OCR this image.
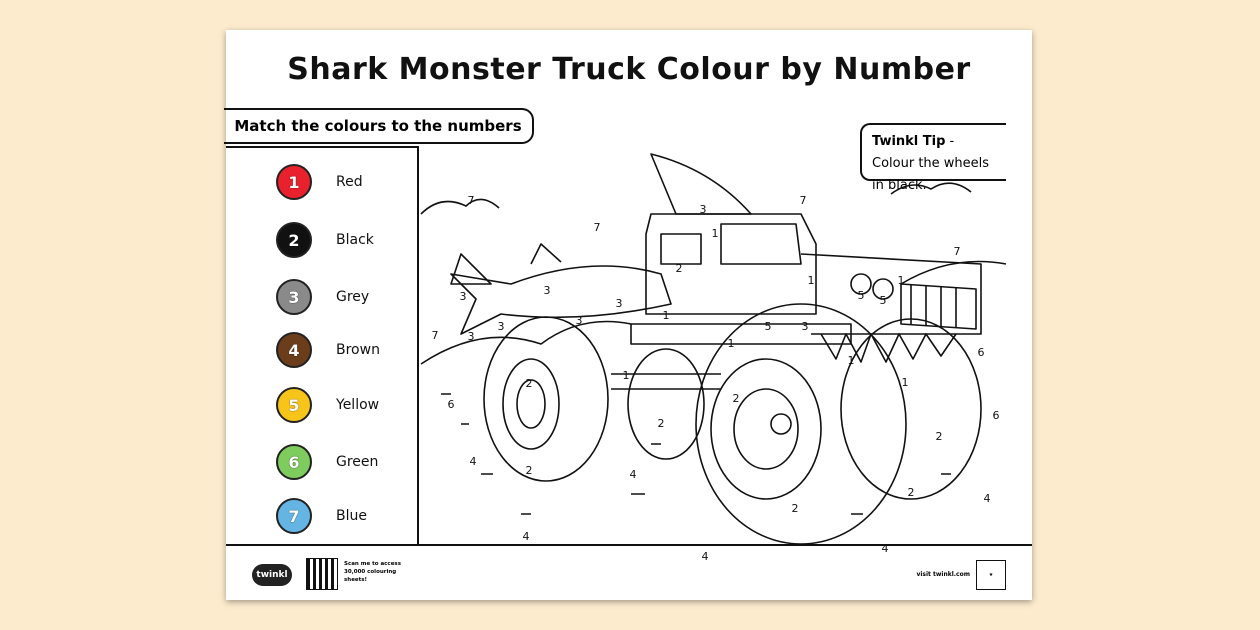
Shark Monster Truck Colour by Number
Match the colours to the numbers
1	Red
2	Black
3	Grey
4	Brown
5	Yellow
6	Green
7	Blue
7
7
7
7
7
3
3	3
3
3
3
3
3
1
1	1
1
1
1
1
1
2
2
2
2
2
2
2
2
5 5
5
6
6
6
4
4
4
4
4
4
Twinkl Tip - Colour the wheels in black.
twinkl
Scan me to access 30,000 colouring sheets!
visit twinkl.com	★
